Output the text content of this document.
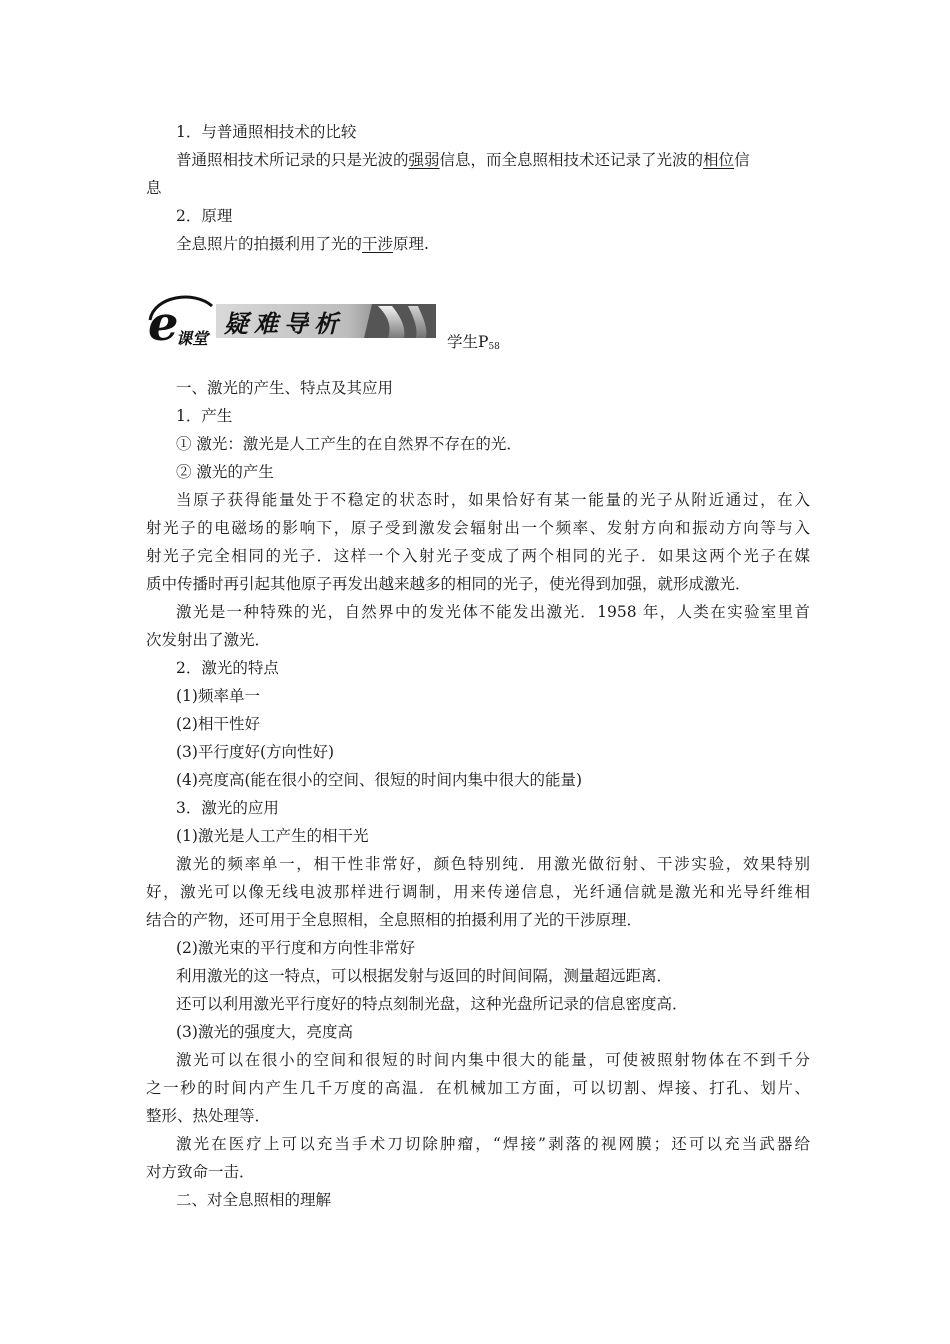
1．与普通照相技术的比较
普通照相技术所记录的只是光波的强弱信息，而全息照相技术还记录了光波的相位信
息
2．原理
全息照片的拍摄利用了光的干涉原理.
e
课堂
疑难导析
学生$P_{58}$
一、激光的产生、特点及其应用
1．产生
① 激光：激光是人工产生的在自然界不存在的光．
② 激光的产生
当原子获得能量处于不稳定的状态时，如果恰好有某一能量的光子从附近通过，在入
射光子的电磁场的影响下，原子受到激发会辐射出一个频率、发射方向和振动方向等与入
射光子完全相同的光子．这样一个入射光子变成了两个相同的光子．如果这两个光子在媒
质中传播时再引起其他原子再发出越来越多的相同的光子，使光得到加强，就形成激光．
激光是一种特殊的光，自然界中的发光体不能发出激光．1958 年，人类在实验室里首
次发射出了激光．
2．激光的特点
(1)频率单一
(2)相干性好
(3)平行度好(方向性好)
(4)亮度高(能在很小的空间、很短的时间内集中很大的能量)
3．激光的应用
(1)激光是人工产生的相干光
激光的频率单一，相干性非常好，颜色特别纯．用激光做衍射、干涉实验，效果特别
好，激光可以像无线电波那样进行调制，用来传递信息，光纤通信就是激光和光导纤维相
结合的产物，还可用于全息照相，全息照相的拍摄利用了光的干涉原理．
(2)激光束的平行度和方向性非常好
利用激光的这一特点，可以根据发射与返回的时间间隔，测量超远距离．
还可以利用激光平行度好的特点刻制光盘，这种光盘所记录的信息密度高．
(3)激光的强度大，亮度高
激光可以在很小的空间和很短的时间内集中很大的能量，可使被照射物体在不到千分
之一秒的时间内产生几千万度的高温．在机械加工方面，可以切割、焊接、打孔、划片、
整形、热处理等．
激光在医疗上可以充当手术刀切除肿瘤，“焊接”剥落的视网膜；还可以充当武器给
对方致命一击．
二、对全息照相的理解
